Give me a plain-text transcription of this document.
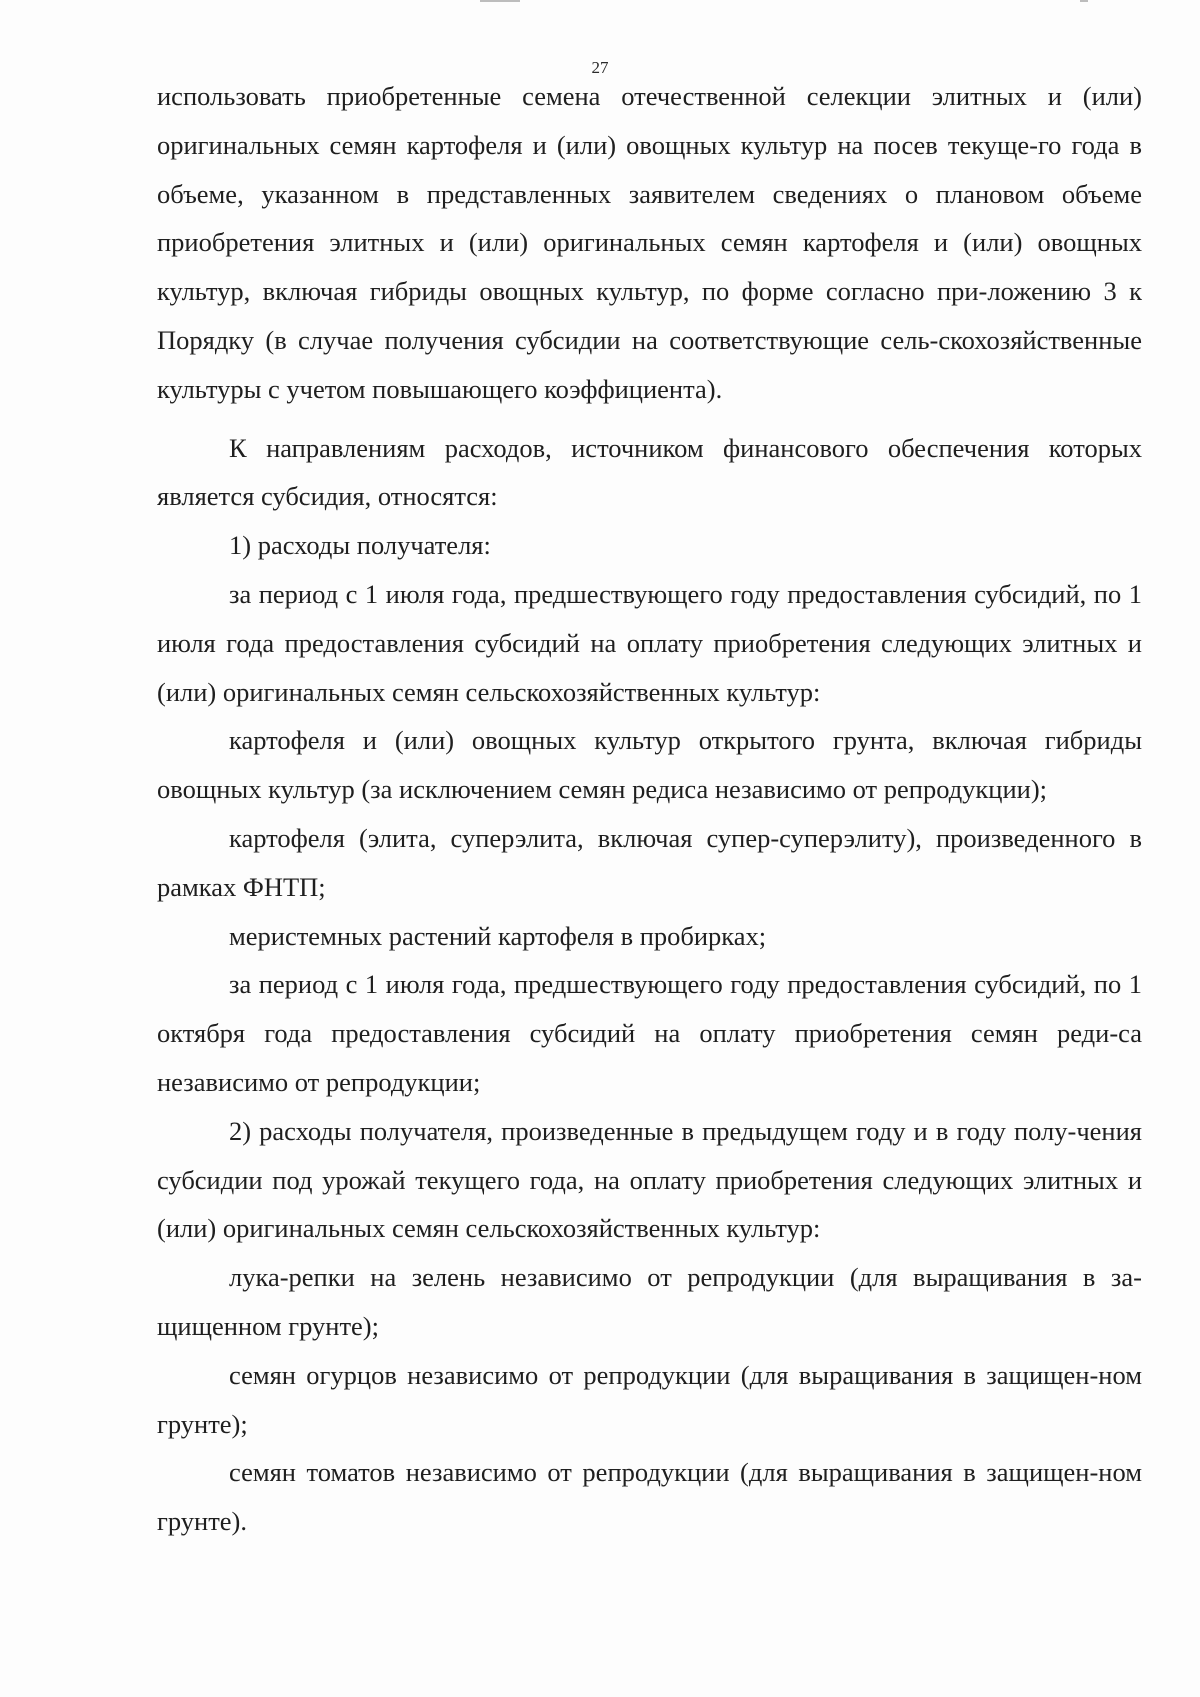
27

использовать приобретенные семена отечественной селекции элитных и (или) оригинальных семян картофеля и (или) овощных культур на посев текуще-го года в объеме, указанном в представленных заявителем сведениях о плановом объеме приобретения элитных и (или) оригинальных семян картофеля и (или) овощных культур, включая гибриды овощных культур, по форме согласно при-ложению 3 к Порядку (в случае получения субсидии на соответствующие сель-скохозяйственные культуры с учетом повышающего коэффициента).

К направлениям расходов, источником финансового обеспечения которых является субсидия, относятся:

1) расходы получателя:

за период с 1 июля года, предшествующего году предоставления субсидий, по 1 июля года предоставления субсидий на оплату приобретения следующих элитных и (или) оригинальных семян сельскохозяйственных культур:

картофеля и (или) овощных культур открытого грунта, включая гибриды овощных культур (за исключением семян редиса независимо от репродукции);

картофеля (элита, суперэлита, включая супер-суперэлиту), произведенного в рамках ФНТП;

меристемных растений картофеля в пробирках;

за период с 1 июля года, предшествующего году предоставления субсидий, по 1 октября года предоставления субсидий на оплату приобретения семян реди-са независимо от репродукции;

2) расходы получателя, произведенные в предыдущем году и в году полу-чения субсидии под урожай текущего года, на оплату приобретения следующих элитных и (или) оригинальных семян сельскохозяйственных культур:

лука-репки на зелень независимо от репродукции (для выращивания в за-щищенном грунте);

семян огурцов независимо от репродукции (для выращивания в защищен-ном грунте);

семян томатов независимо от репродукции (для выращивания в защищен-ном грунте).
